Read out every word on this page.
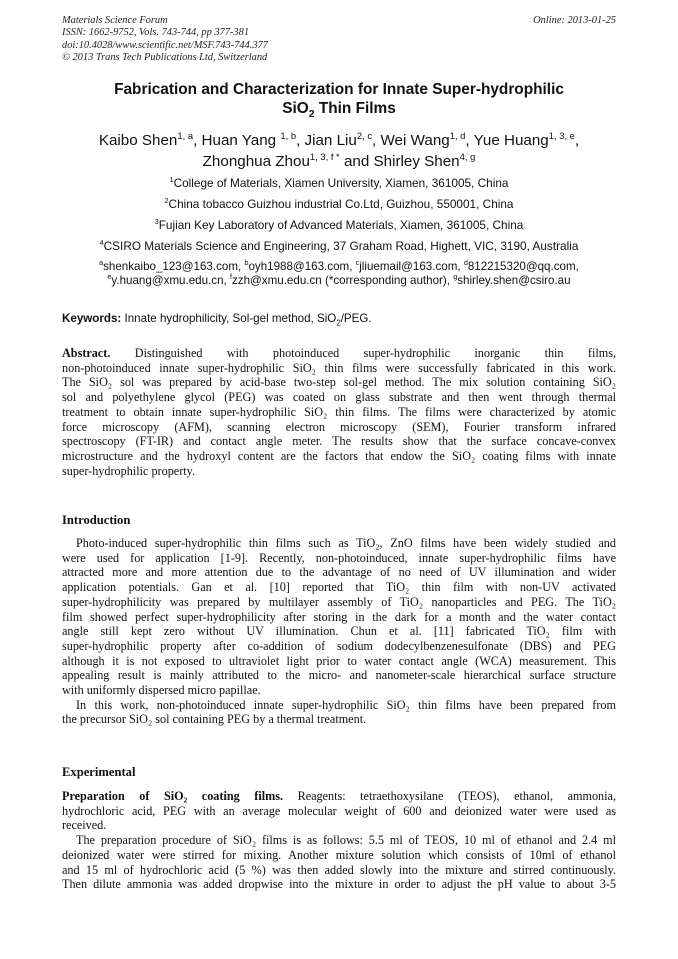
Materials Science Forum
ISSN: 1662-9752, Vols. 743-744, pp 377-381
doi:10.4028/www.scientific.net/MSF.743-744.377
© 2013 Trans Tech Publications Ltd, Switzerland
Online: 2013-01-25
Fabrication and Characterization for Innate Super-hydrophilic
SiO$_2$ Thin Films
Kaibo Shen$^{1, a}$, Huan Yang $^{1, b}$, Jian Liu$^{2, c}$, Wei Wang$^{1, d}$, Yue Huang$^{1, 3, e}$,
Zhonghua Zhou$^{1, 3, f *}$ and Shirley Shen$^{4, g}$
$^1$College of Materials, Xiamen University, Xiamen, 361005, China
$^2$China tobacco Guizhou industrial Co.Ltd, Guizhou, 550001, China
$^3$Fujian Key Laboratory of Advanced Materials, Xiamen, 361005, China
$^4$CSIRO Materials Science and Engineering, 37 Graham Road, Highett, VIC, 3190, Australia
$^a$shenkaibo_123@163.com, $^b$oyh1988@163.com, $^c$jliuemail@163.com, $^d$812215320@qq.com,
$^e$y.huang@xmu.edu.cn, $^f$zzh@xmu.edu.cn (*corresponding author), $^g$shirley.shen@csiro.au
Keywords: Innate hydrophilicity, Sol-gel method, SiO$_2$/PEG.

Abstract. Distinguished with photoinduced super-hydrophilic inorganic thin films,

non-photoinduced innate super-hydrophilic SiO₂ thin films were successfully fabricated in this work.

The SiO₂ sol was prepared by acid-base two-step sol-gel method. The mix solution containing SiO₂

sol and polyethylene glycol (PEG) was coated on glass substrate and then went through thermal

treatment to obtain innate super-hydrophilic SiO₂ thin films. The films were characterized by atomic

force microscopy (AFM), scanning electron microscopy (SEM), Fourier transform infrared

spectroscopy (FT-IR) and contact angle meter. The results show that the surface concave-convex

microstructure and the hydroxyl content are the factors that endow the SiO₂ coating films with innate

super-hydrophilic property.

Introduction

Photo-induced super-hydrophilic thin films such as TiO₂, ZnO films have been widely studied and

were used for application [1-9]. Recently, non-photoinduced, innate super-hydrophilic films have

attracted more and more attention due to the advantage of no need of UV illumination and wider

application potentials. Gan et al. [10] reported that TiO₂ thin film with non-UV activated

super-hydrophilicity was prepared by multilayer assembly of TiO₂ nanoparticles and PEG. The TiO₂

film showed perfect super-hydrophilicity after storing in the dark for a month and the water contact

angle still kept zero without UV illumination. Chun et al. [11] fabricated TiO₂ film with

super-hydrophilic property after co-addition of sodium dodecylbenzenesulfonate (DBS) and PEG

although it is not exposed to ultraviolet light prior to water contact angle (WCA) measurement. This

appealing result is mainly attributed to the micro- and nanometer-scale hierarchical surface structure

with uniformly dispersed micro papillae.

In this work, non-photoinduced innate super-hydrophilic SiO₂ thin films have been prepared from

the precursor SiO₂ sol containing PEG by a thermal treatment.

Experimental

Preparation of SiO₂ coating films. Reagents: tetraethoxysilane (TEOS), ethanol, ammonia,

hydrochloric acid, PEG with an average molecular weight of 600 and deionized water were used as

received.

The preparation procedure of SiO₂ films is as follows: 5.5 ml of TEOS, 10 ml of ethanol and 2.4 ml

deionized water were stirred for mixing. Another mixture solution which consists of 10ml of ethanol

and 15 ml of hydrochloric acid (5 %) was then added slowly into the mixture and stirred continuously.

Then dilute ammonia was added dropwise into the mixture in order to adjust the pH value to about 3-5
